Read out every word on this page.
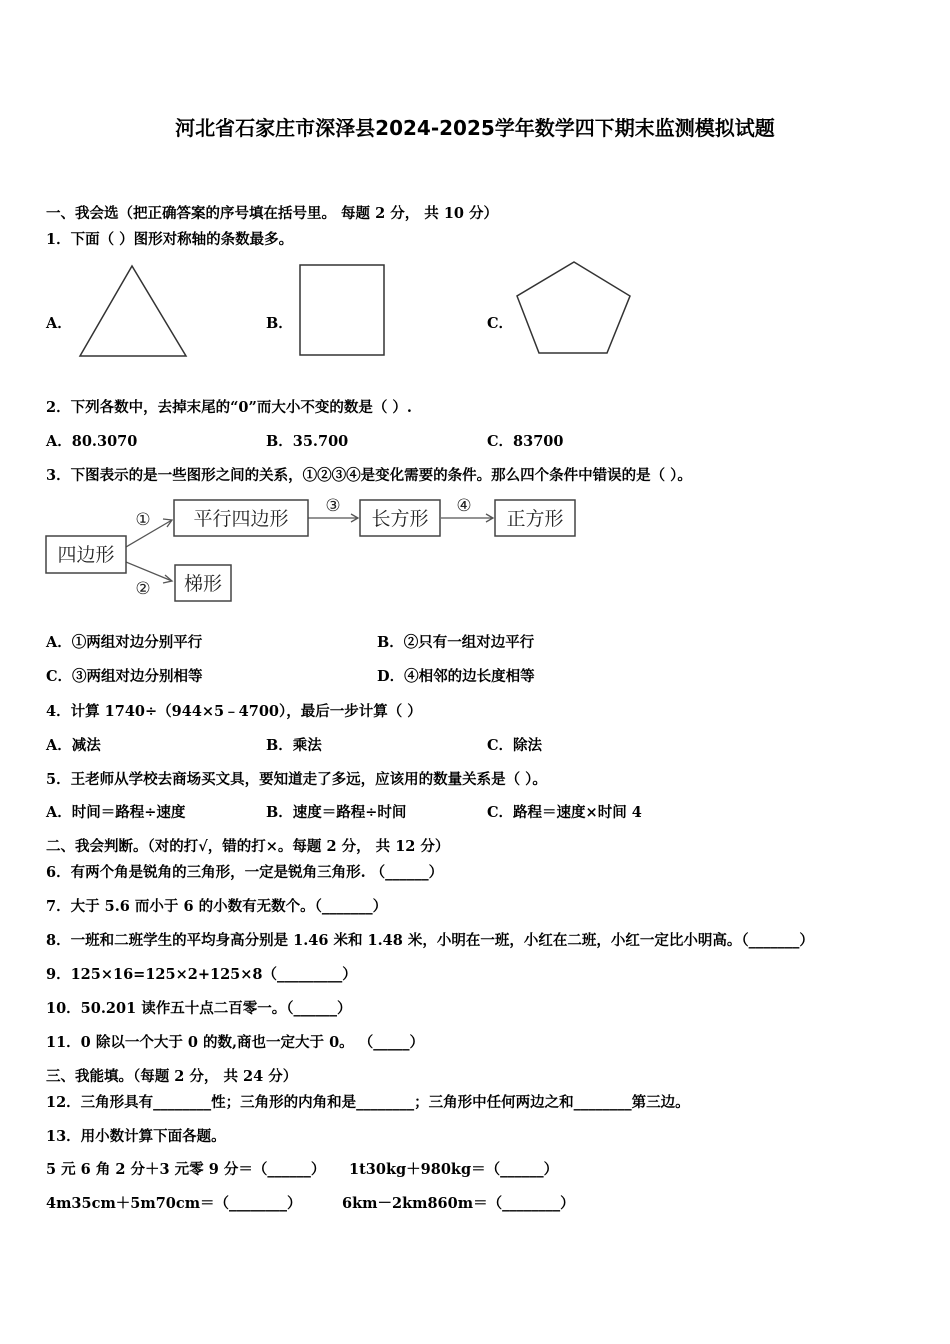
河北省石家庄市深泽县2024-2025学年数学四下期末监测模拟试题
一、我会选（把正确答案的序号填在括号里。 每题 2 分， 共 10 分）
1．下面（ ）图形对称轴的条数最多。
A．	B．	C．
四边形
平行四边形	长方形	正方形
梯形
①
②
③	④
2．下列各数中，去掉末尾的“0”而大小不变的数是（ ）.
A．80.3070	B．35.700	C．83700
3．下图表示的是一些图形之间的关系，①②③④是变化需要的条件。那么四个条件中错误的是（ ）。
A．①两组对边分别平行	B．②只有一组对边平行
C．③两组对边分别相等	D．④相邻的边长度相等
4．计算 1740÷（944×5﹣4700），最后一步计算（ ）
A．减法	B．乘法	C．除法
5．王老师从学校去商场买文具，要知道走了多远，应该用的数量关系是（ ）。
A．时间＝路程÷速度	B．速度＝路程÷时间	C．路程＝速度×时间 4
二、我会判断。（对的打√，错的打×。每题 2 分， 共 12 分）
6．有两个角是锐角的三角形，一定是锐角三角形. （______）
7．大于 5.6 而小于 6 的小数有无数个。（_______）
8．一班和二班学生的平均身高分别是 1.46 米和 1.48 米，小明在一班，小红在二班，小红一定比小明高。（_______）
9．125×16=125×2+125×8（_________）
10．50.201 读作五十点二百零一。（______）
11．0 除以一个大于 0 的数,商也一定大于 0。 （_____）
三、我能填。（每题 2 分， 共 24 分）
12．三角形具有________性；三角形的内角和是________；三角形中任何两边之和________第三边。
13．用小数计算下面各题。
5 元 6 角 2 分＋3 元零 9 分＝（______） 1t30kg＋980kg＝（______）
4m35cm＋5m70cm＝（________）	6km－2km860m＝（________）
